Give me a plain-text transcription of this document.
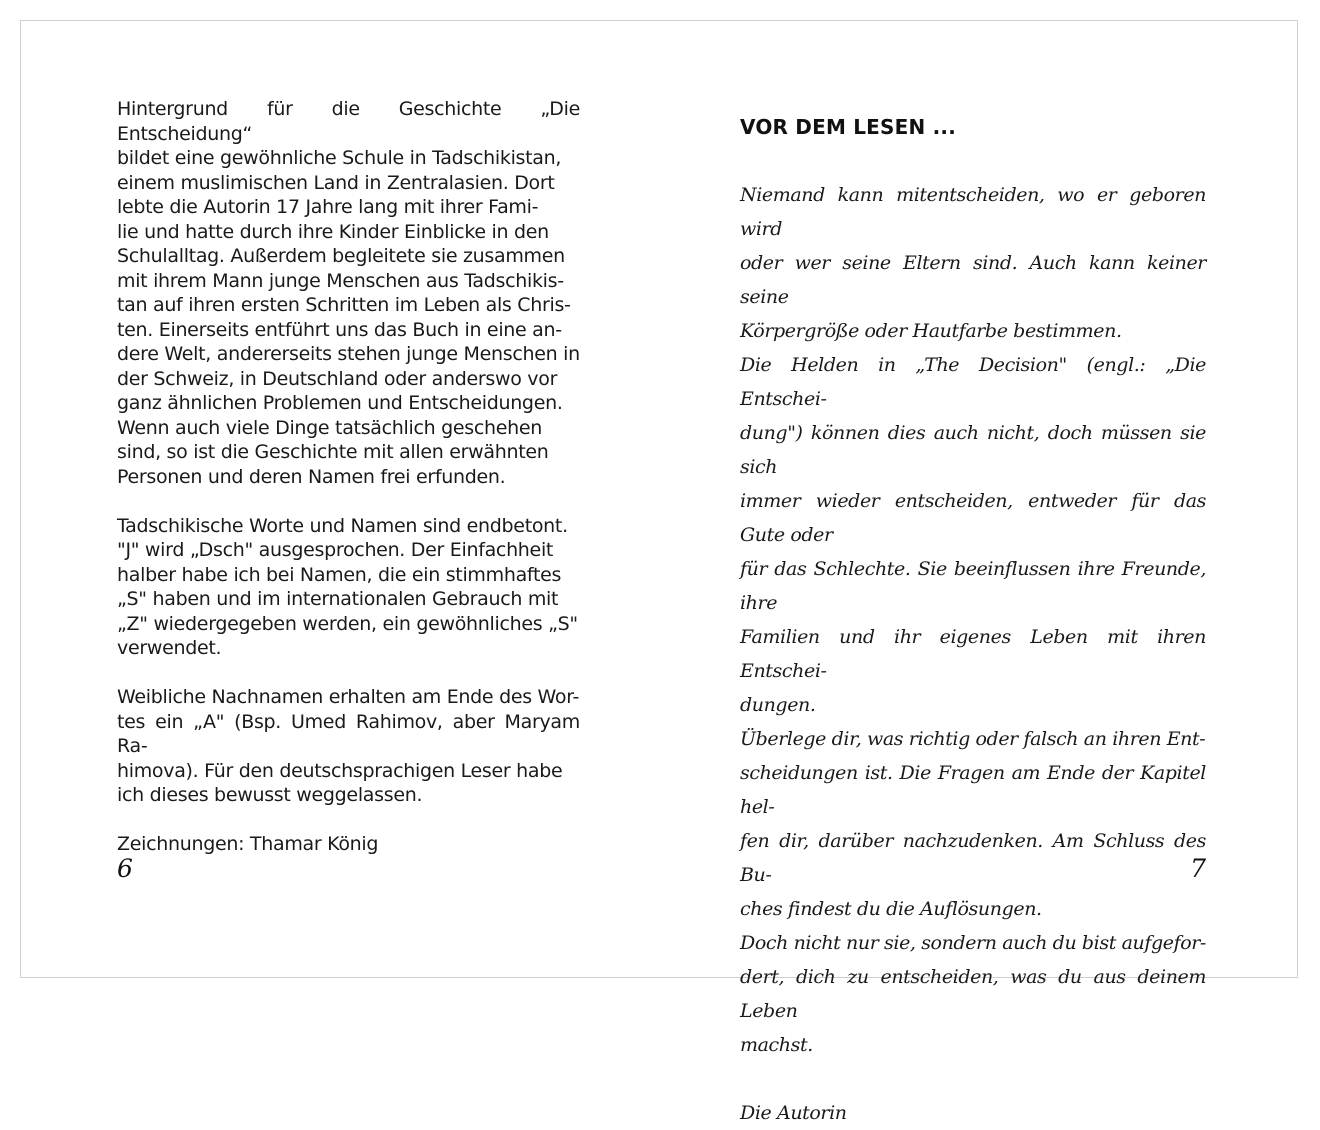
Hintergrund für die Geschichte „Die Entscheidung“
bildet eine gewöhnliche Schule in Tadschikistan,
einem muslimischen Land in Zentralasien. Dort
lebte die Autorin 17 Jahre lang mit ihrer Fami-
lie und hatte durch ihre Kinder Einblicke in den
Schulalltag. Außerdem begleitete sie zusammen
mit ihrem Mann junge Menschen aus Tadschikis-
tan auf ihren ersten Schritten im Leben als Chris-
ten. Einerseits entführt uns das Buch in eine an-
dere Welt, andererseits stehen junge Menschen in
der Schweiz, in Deutschland oder anderswo vor
ganz ähnlichen Problemen und Entscheidungen.
Wenn auch viele Dinge tatsächlich geschehen
sind, so ist die Geschichte mit allen erwähnten
Personen und deren Namen frei erfunden.

Tadschikische Worte und Namen sind endbetont.
"J" wird „Dsch" ausgesprochen. Der Einfachheit
halber habe ich bei Namen, die ein stimmhaftes
„S" haben und im internationalen Gebrauch mit
„Z" wiedergegeben werden, ein gewöhnliches „S"
verwendet.

Weibliche Nachnamen erhalten am Ende des Wor-
tes ein „A" (Bsp. Umed Rahimov, aber Maryam Ra-
himova). Für den deutschsprachigen Leser habe
ich dieses bewusst weggelassen.

Zeichnungen: Thamar König

6
VOR DEM LESEN ...

Niemand kann mitentscheiden, wo er geboren wird
oder wer seine Eltern sind. Auch kann keiner seine
Körpergröße oder Hautfarbe bestimmen.

Die Helden in „The Decision" (engl.: „Die Entschei-
dung") können dies auch nicht, doch müssen sie sich
immer wieder entscheiden, entweder für das Gute oder
für das Schlechte. Sie beeinflussen ihre Freunde, ihre
Familien und ihr eigenes Leben mit ihren Entschei-
dungen.

Überlege dir, was richtig oder falsch an ihren Ent-
scheidungen ist. Die Fragen am Ende der Kapitel hel-
fen dir, darüber nachzudenken. Am Schluss des Bu-
ches findest du die Auflösungen.

Doch nicht nur sie, sondern auch du bist aufgefor-
dert, dich zu entscheiden, was du aus deinem Leben
machst.

Die Autorin

7
